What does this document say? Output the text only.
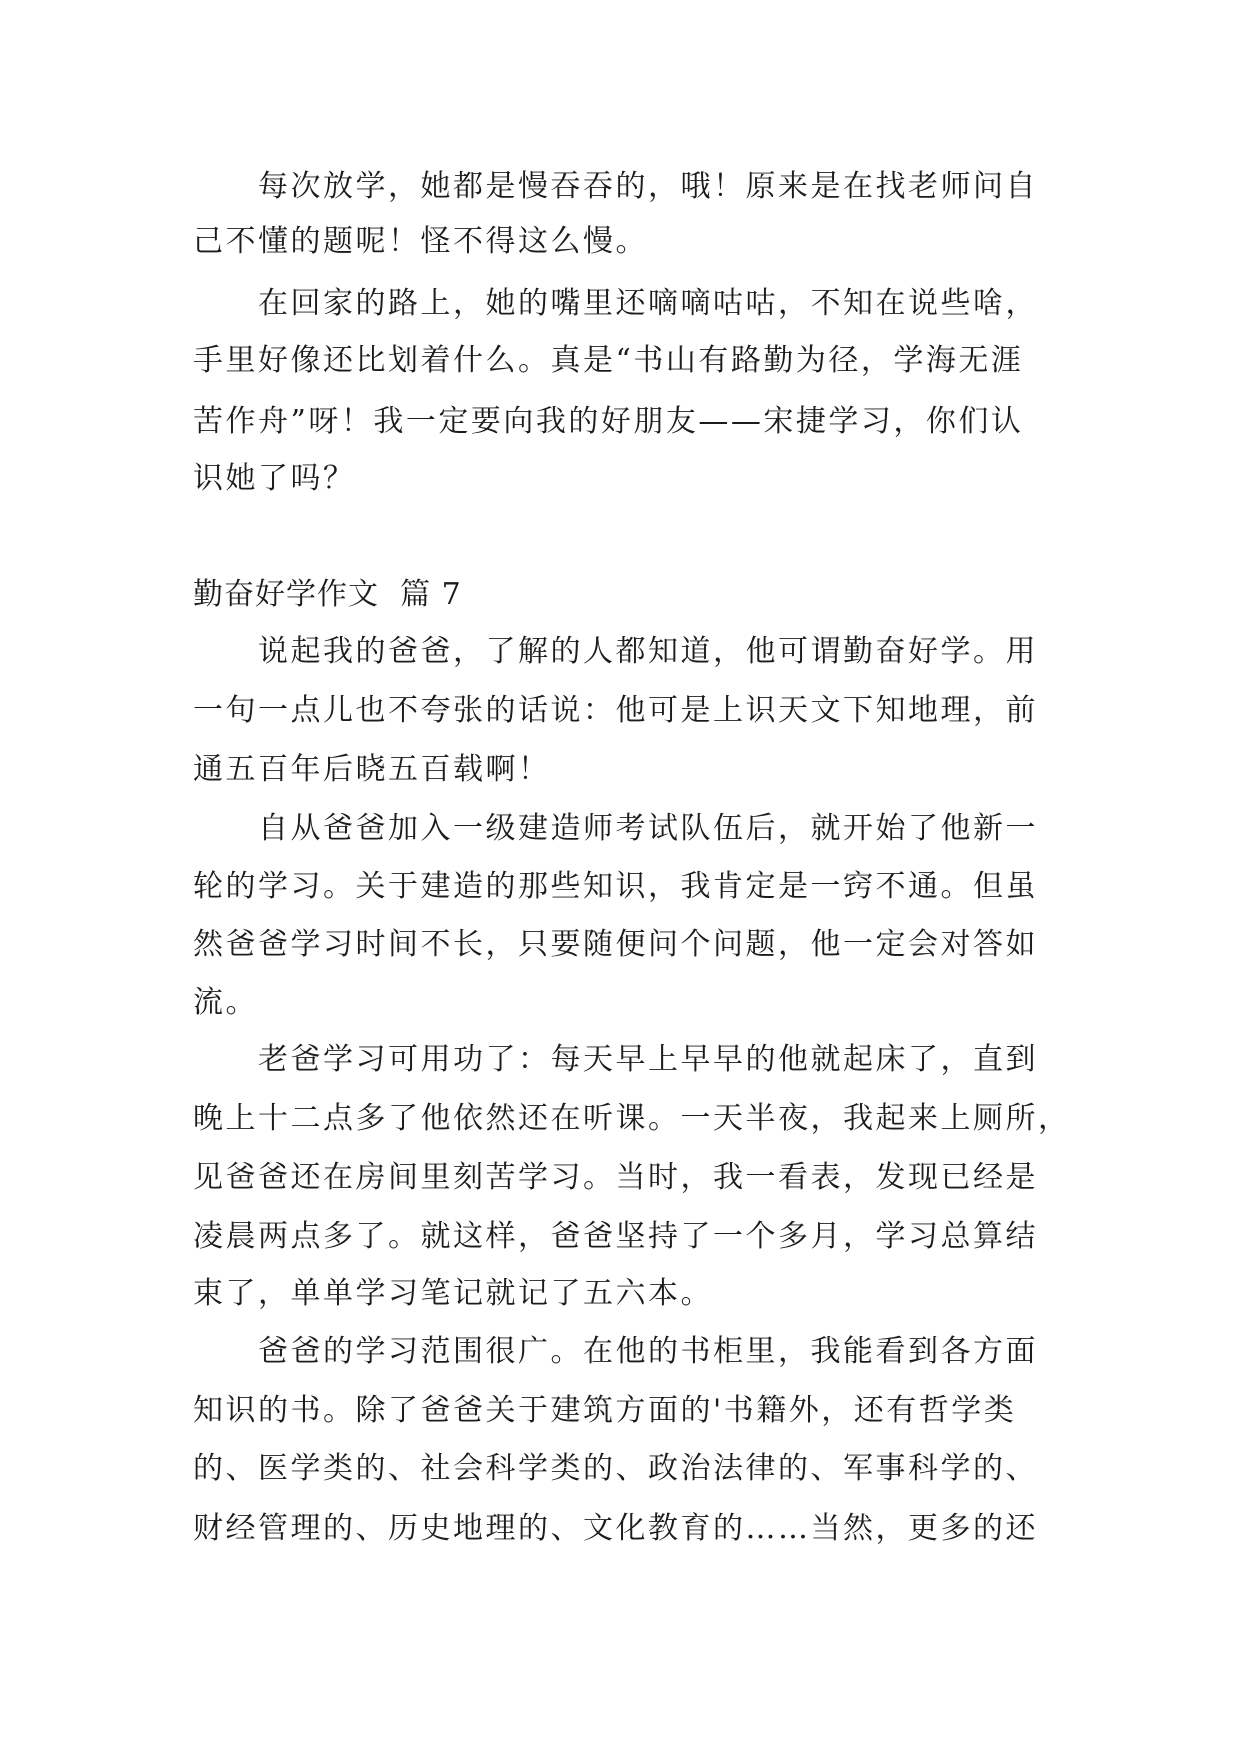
每次放学，她都是慢吞吞的，哦！原来是在找老师问自
己不懂的题呢！怪不得这么慢。
在回家的路上，她的嘴里还嘀嘀咕咕，不知在说些啥，
手里好像还比划着什么。真是“书山有路勤为径，学海无涯
苦作舟”呀！我一定要向我的好朋友——宋捷学习，你们认
识她了吗？
勤奋好学作文  篇 7
说起我的爸爸，了解的人都知道，他可谓勤奋好学。用
一句一点儿也不夸张的话说：他可是上识天文下知地理，前
通五百年后晓五百载啊！
自从爸爸加入一级建造师考试队伍后，就开始了他新一
轮的学习。关于建造的那些知识，我肯定是一窍不通。但虽
然爸爸学习时间不长，只要随便问个问题，他一定会对答如
流。
老爸学习可用功了：每天早上早早的他就起床了，直到
晚上十二点多了他依然还在听课。一天半夜，我起来上厕所，
见爸爸还在房间里刻苦学习。当时，我一看表，发现已经是
凌晨两点多了。就这样，爸爸坚持了一个多月，学习总算结
束了，单单学习笔记就记了五六本。
爸爸的学习范围很广。在他的书柜里，我能看到各方面
知识的书。除了爸爸关于建筑方面的'书籍外，还有哲学类
的、医学类的、社会科学类的、政治法律的、军事科学的、
财经管理的、历史地理的、文化教育的……当然，更多的还
